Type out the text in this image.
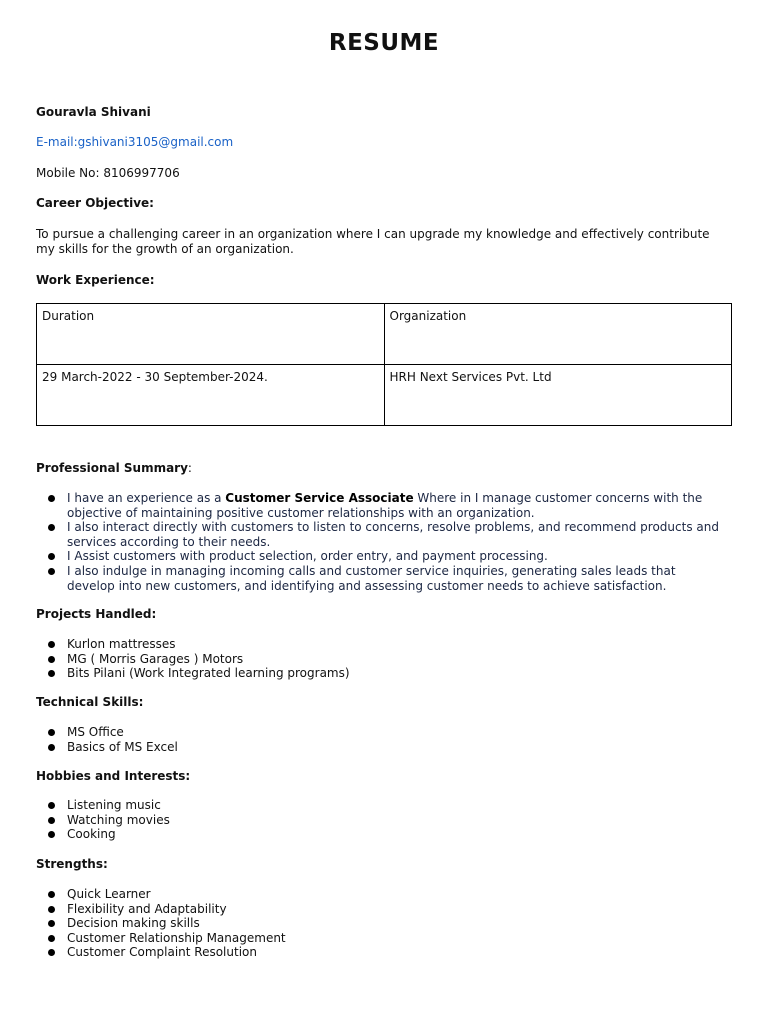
RESUME
Gouravla Shivani
E-mail:gshivani3105@gmail.com
Mobile No: 8106997706
Career Objective:
To pursue a challenging career in an organization where I can upgrade my knowledge and effectively contribute my skills for the growth of an organization.
Work Experience:
Duration	Organization
29 March-2022 - 30 September-2024.	HRH Next Services Pvt. Ltd
Professional Summary:
I have an experience as a Customer Service Associate Where in I manage customer concerns with the objective of maintaining positive customer relationships with an organization.
I also interact directly with customers to listen to concerns, resolve problems, and recommend products and services according to their needs.
I Assist customers with product selection, order entry, and payment processing.
I also indulge in managing incoming calls and customer service inquiries, generating sales leads that develop into new customers, and identifying and assessing customer needs to achieve satisfaction.
Projects Handled:
Kurlon mattresses
MG ( Morris Garages ) Motors
Bits Pilani (Work Integrated learning programs)
Technical Skills:
MS Office
Basics of MS Excel
Hobbies and Interests:
Listening music
Watching movies
Cooking
Strengths:
Quick Learner
Flexibility and Adaptability
Decision making skills
Customer Relationship Management
Customer Complaint Resolution
